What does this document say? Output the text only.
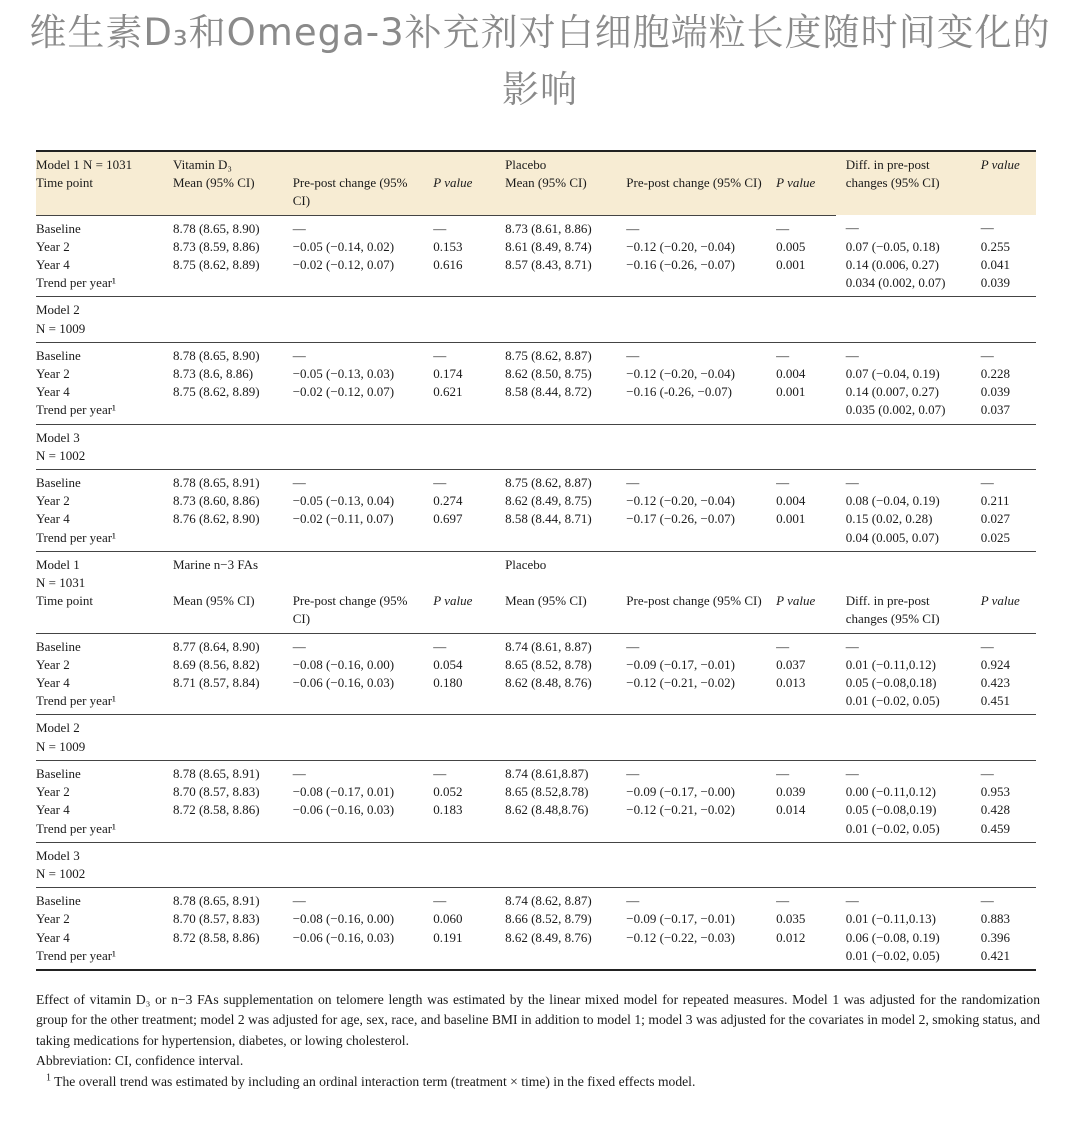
维生素D₃和Omega-3补充剂对白细胞端粒长度随时间变化的影响
Model 1 N = 1031	Vitamin D₃			Placebo			Diff. in pre-post changes (95% CI)	P value
Time point	Mean (95% CI)	Pre-post change (95% CI)	P value	Mean (95% CI)	Pre-post change (95% CI)	P value		
Baseline	8.78 (8.65, 8.90)	—	—	8.73 (8.61, 8.86)	—	—	—	—
Year 2	8.73 (8.59, 8.86)	−0.05 (−0.14, 0.02)	0.153	8.61 (8.49, 8.74)	−0.12 (−0.20, −0.04)	0.005	0.07 (−0.05, 0.18)	0.255
Year 4	8.75 (8.62, 8.89)	−0.02 (−0.12, 0.07)	0.616	8.57 (8.43, 8.71)	−0.16 (−0.26, −0.07)	0.001	0.14 (0.006, 0.27)	0.041
Trend per year¹							0.034 (0.002, 0.07)	0.039
Model 2								
N = 1009								
Baseline	8.78 (8.65, 8.90)	—	—	8.75 (8.62, 8.87)	—	—	—	—
Year 2	8.73 (8.6, 8.86)	−0.05 (−0.13, 0.03)	0.174	8.62 (8.50, 8.75)	−0.12 (−0.20, −0.04)	0.004	0.07 (−0.04, 0.19)	0.228
Year 4	8.75 (8.62, 8.89)	−0.02 (−0.12, 0.07)	0.621	8.58 (8.44, 8.72)	−0.16 (-0.26, −0.07)	0.001	0.14 (0.007, 0.27)	0.039
Trend per year¹							0.035 (0.002, 0.07)	0.037
Model 3								
N = 1002								
Baseline	8.78 (8.65, 8.91)	—	—	8.75 (8.62, 8.87)	—	—	—	—
Year 2	8.73 (8.60, 8.86)	−0.05 (−0.13, 0.04)	0.274	8.62 (8.49, 8.75)	−0.12 (−0.20, −0.04)	0.004	0.08 (−0.04, 0.19)	0.211
Year 4	8.76 (8.62, 8.90)	−0.02 (−0.11, 0.07)	0.697	8.58 (8.44, 8.71)	−0.17 (−0.26, −0.07)	0.001	0.15 (0.02, 0.28)	0.027
Trend per year¹							0.04 (0.005, 0.07)	0.025
Model 1	Marine n−3 FAs			Placebo				
N = 1031								
Time point	Mean (95% CI)	Pre-post change (95% CI)	P value	Mean (95% CI)	Pre-post change (95% CI)	P value	Diff. in pre-post changes (95% CI)	P value
Baseline	8.77 (8.64, 8.90)	—	—	8.74 (8.61, 8.87)	—	—	—	—
Year 2	8.69 (8.56, 8.82)	−0.08 (−0.16, 0.00)	0.054	8.65 (8.52, 8.78)	−0.09 (−0.17, −0.01)	0.037	0.01 (−0.11,0.12)	0.924
Year 4	8.71 (8.57, 8.84)	−0.06 (−0.16, 0.03)	0.180	8.62 (8.48, 8.76)	−0.12 (−0.21, −0.02)	0.013	0.05 (−0.08,0.18)	0.423
Trend per year¹							0.01 (−0.02, 0.05)	0.451
Model 2								
N = 1009								
Baseline	8.78 (8.65, 8.91)	—	—	8.74 (8.61,8.87)	—	—	—	—
Year 2	8.70 (8.57, 8.83)	−0.08 (−0.17, 0.01)	0.052	8.65 (8.52,8.78)	−0.09 (−0.17, −0.00)	0.039	0.00 (−0.11,0.12)	0.953
Year 4	8.72 (8.58, 8.86)	−0.06 (−0.16, 0.03)	0.183	8.62 (8.48,8.76)	−0.12 (−0.21, −0.02)	0.014	0.05 (−0.08,0.19)	0.428
Trend per year¹							0.01 (−0.02, 0.05)	0.459
Model 3								
N = 1002								
Baseline	8.78 (8.65, 8.91)	—	—	8.74 (8.62, 8.87)	—	—	—	—
Year 2	8.70 (8.57, 8.83)	−0.08 (−0.16, 0.00)	0.060	8.66 (8.52, 8.79)	−0.09 (−0.17, −0.01)	0.035	0.01 (−0.11,0.13)	0.883
Year 4	8.72 (8.58, 8.86)	−0.06 (−0.16, 0.03)	0.191	8.62 (8.49, 8.76)	−0.12 (−0.22, −0.03)	0.012	0.06 (−0.08, 0.19)	0.396
Trend per year¹							0.01 (−0.02, 0.05)	0.421

Effect of vitamin D₃ or n−3 FAs supplementation on telomere length was estimated by the linear mixed model for repeated measures. Model 1 was adjusted for the randomization group for the other treatment; model 2 was adjusted for age, sex, race, and baseline BMI in addition to model 1; model 3 was adjusted for the covariates in model 2, smoking status, and taking medications for hypertension, diabetes, or lowing cholesterol.

Abbreviation: CI, confidence interval.

$^1$ The overall trend was estimated by including an ordinal interaction term (treatment × time) in the fixed effects model.
